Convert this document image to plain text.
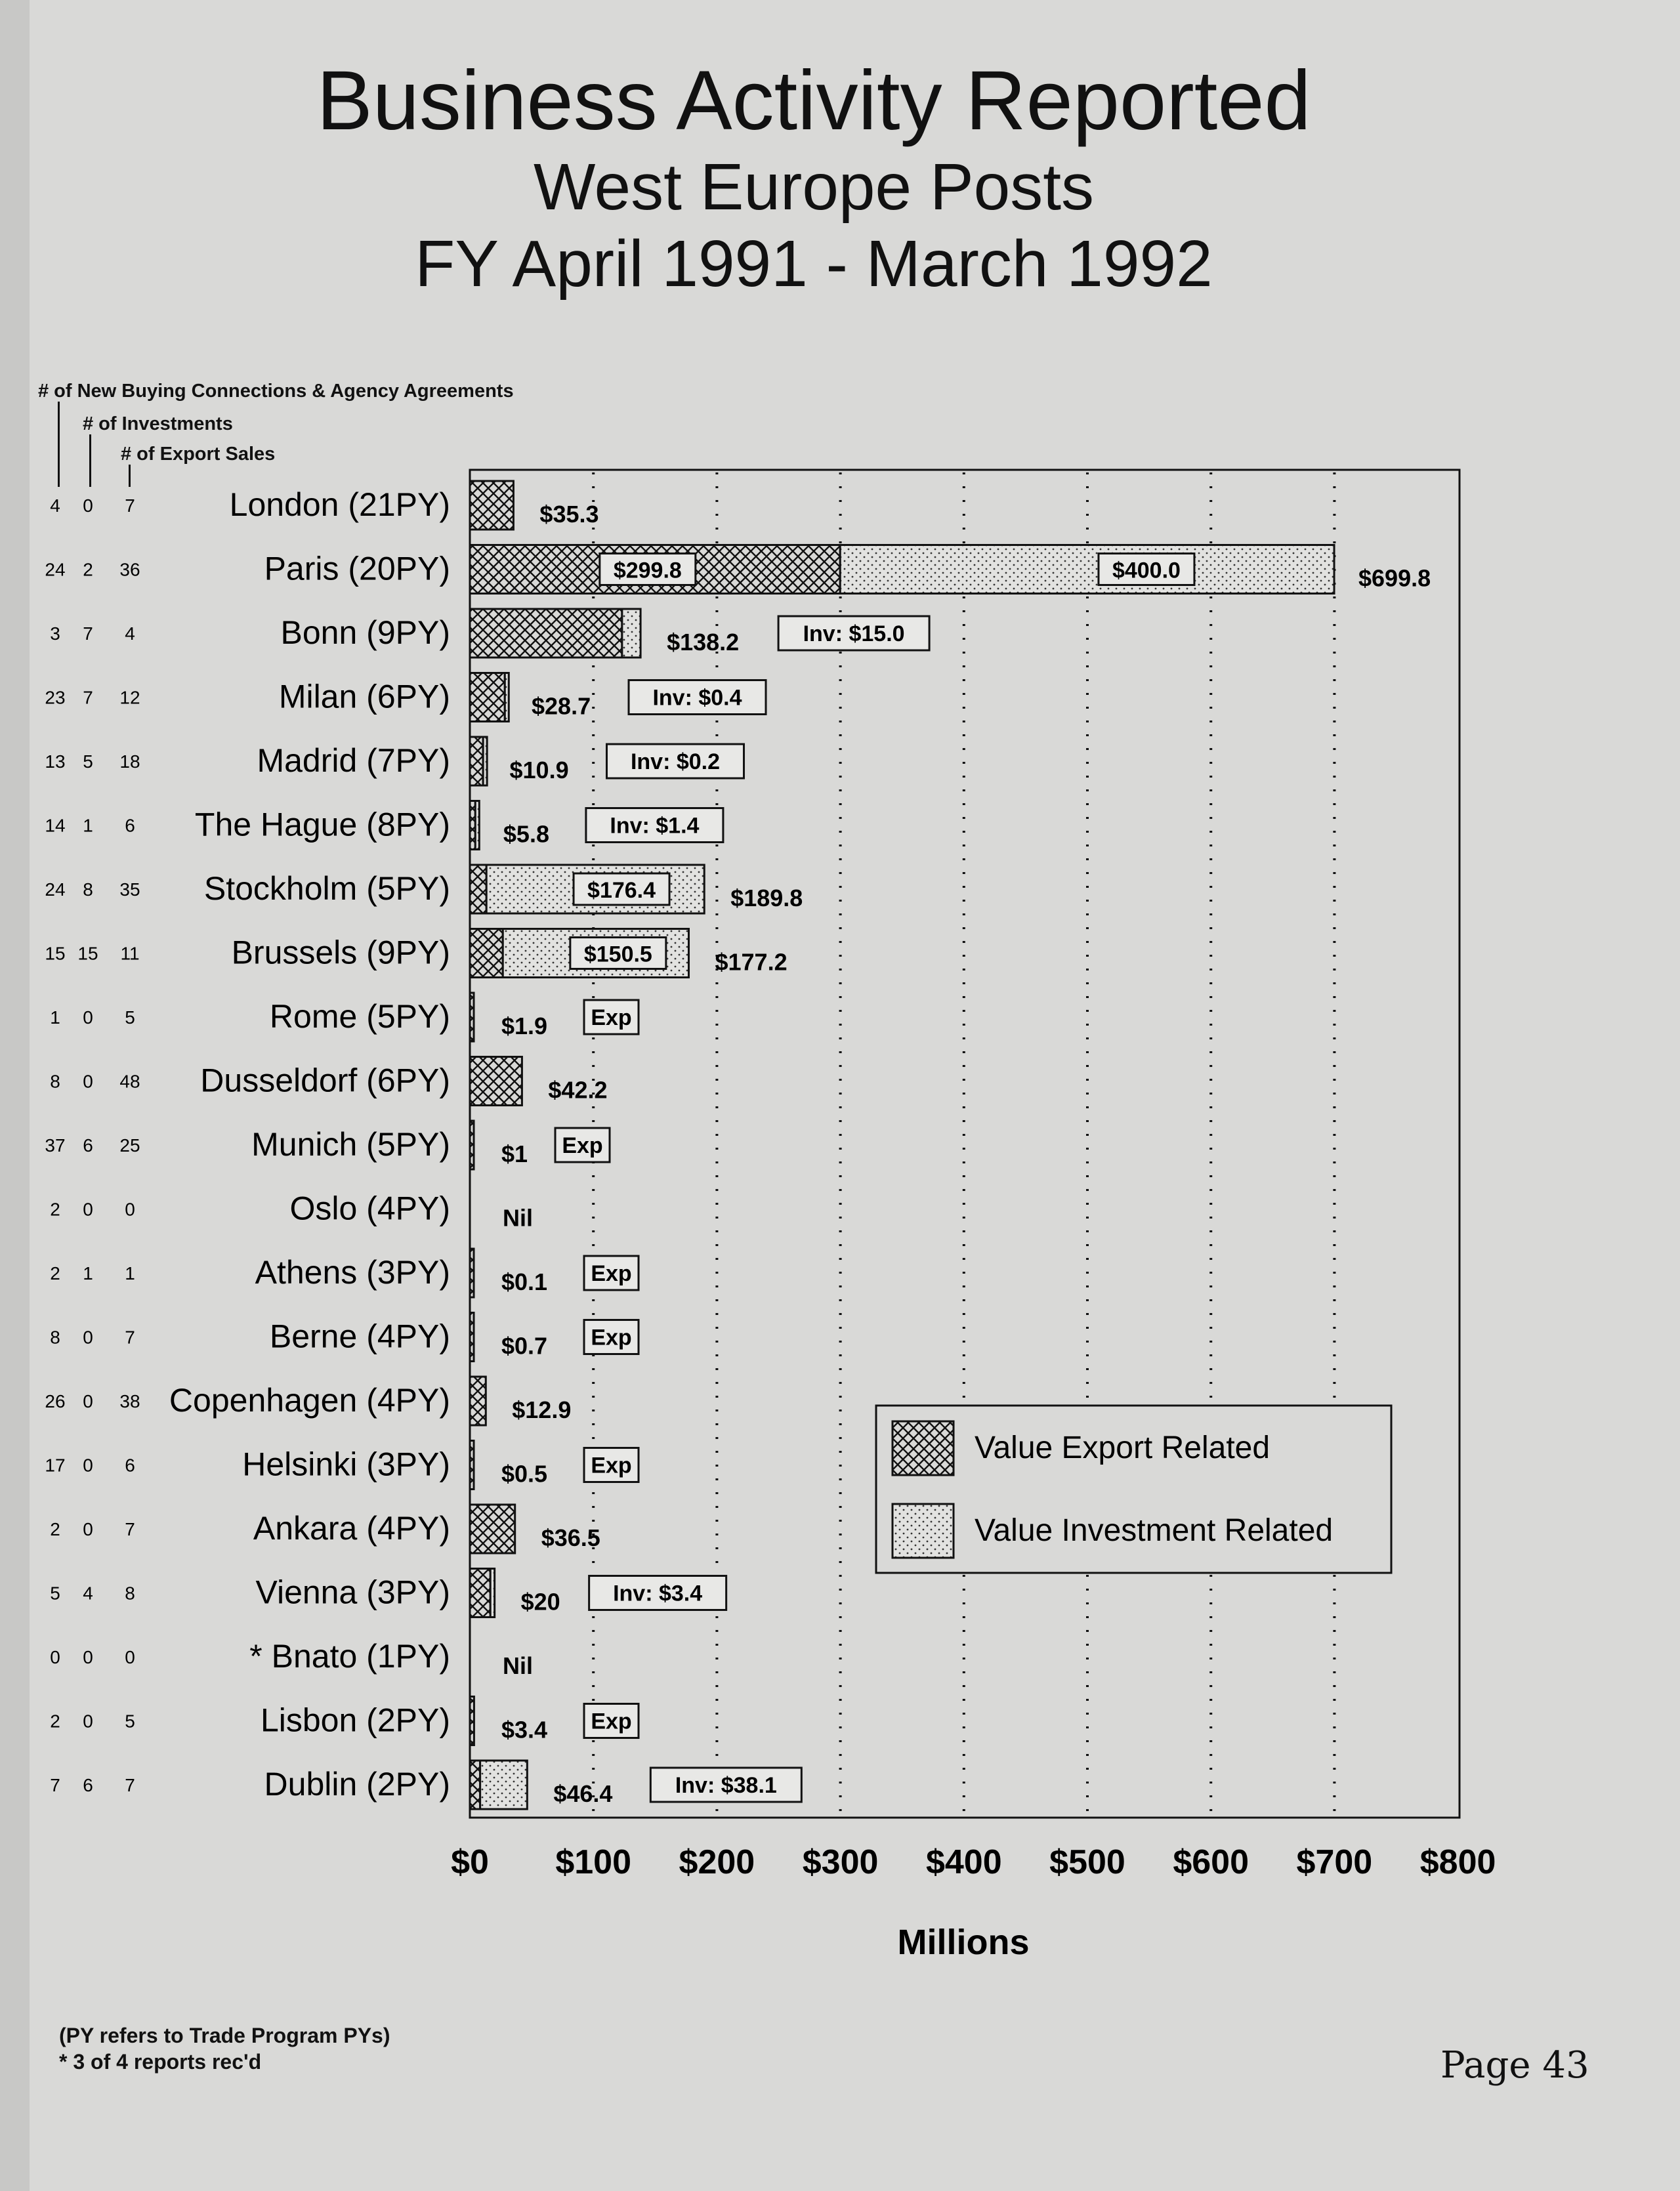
Business Activity Reported
West Europe Posts
FY April 1991 - March 1992
# of New Buying Connections & Agency Agreements
# of Investments
# of Export Sales
4 0 7	London (21PY)	$35.3
24 2 36	Paris (20PY)	$299.8	$400.0	$699.8
3 7 4	Bonn (9PY)	$138.2	Inv: $15.0
23 7 12	Milan (6PY)	$28.7	Inv: $0.4
13 5 18	Madrid (7PY)	$10.9	Inv: $0.2
14 1 6 The Hague (8PY) $5.8	Inv: $1.4
24 8 35 Stockholm (5PY)	$176.4	$189.8
15 15 11	Brussels (9PY)	$150.5	$177.2
1 0 5	Rome (5PY) $1.9 Exp
8 0 48 Dusseldorf (6PY)	$42.2
37 6 25	Munich (5PY) $1 Exp
2 0 0	Oslo (4PY) Nil
2 1 1	Athens (3PY) $0.1 Exp
8 0 7	Berne (4PY) $0.7 Exp
26 0 38 Copenhagen (4PY)	$12.9
17 0 6	Helsinki (3PY) $0.5 Exp
2 0 7	Ankara (4PY)	$36.5
5 4 8	Vienna (3PY)	$20 Inv: $3.4
0 0 0	* Bnato (1PY) Nil
2 0 5	Lisbon (2PY) $3.4 Exp
7 6 7	Dublin (2PY)	$46.4	Inv: $38.1
$0 $100 $200 $300 $400 $500 $600 $700 $800
Value Export Related
Value Investment Related
Millions
(PY refers to Trade Program PYs)
* 3 of 4 reports rec'd	Page 43
